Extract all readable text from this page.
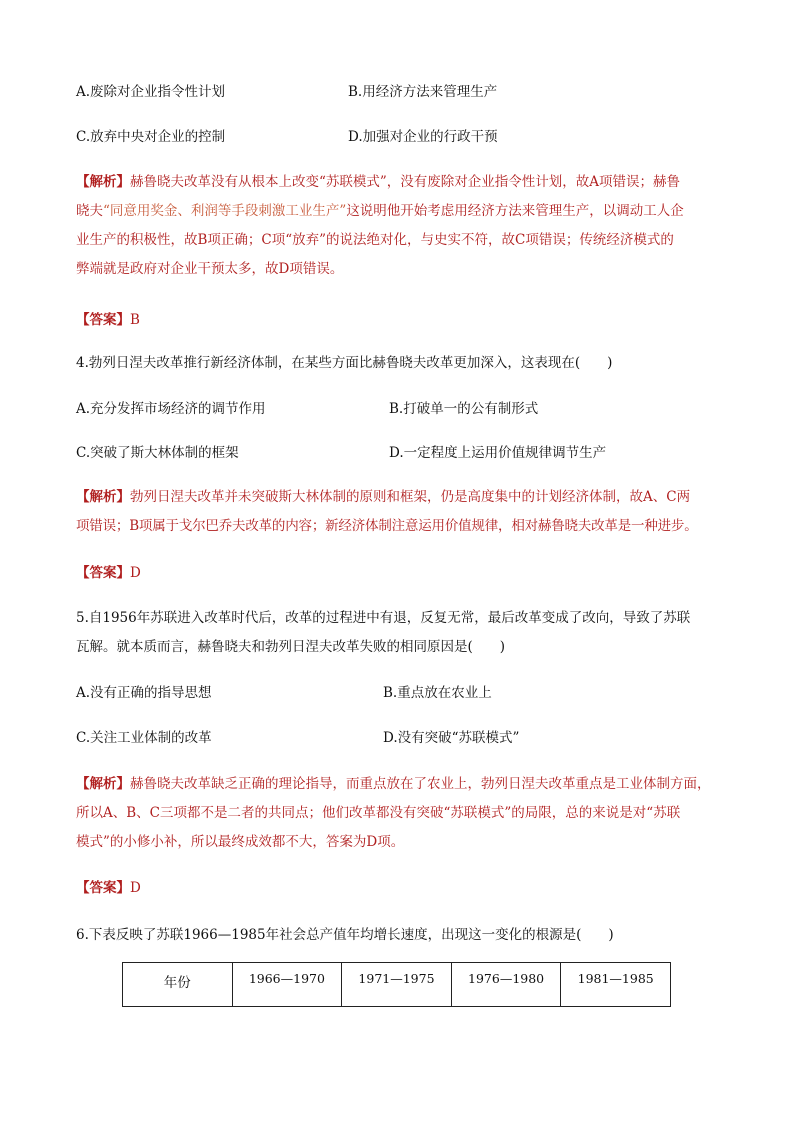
A.废除对企业指令性计划	B.用经济方法来管理生产
C.放弃中央对企业的控制	D.加强对企业的行政干预
【解析】赫鲁晓夫改革没有从根本上改变“苏联模式”，没有废除对企业指令性计划，故A项错误；赫鲁
晓夫“同意用奖金、利润等手段刺激工业生产”这说明他开始考虑用经济方法来管理生产，以调动工人企
业生产的积极性，故B项正确；C项“放弃”的说法绝对化，与史实不符，故C项错误；传统经济模式的
弊端就是政府对企业干预太多，故D项错误。
【答案】B
4.勃列日涅夫改革推行新经济体制，在某些方面比赫鲁晓夫改革更加深入，这表现在(　　)
A.充分发挥市场经济的调节作用	B.打破单一的公有制形式
C.突破了斯大林体制的框架	D.一定程度上运用价值规律调节生产
【解析】勃列日涅夫改革并未突破斯大林体制的原则和框架，仍是高度集中的计划经济体制，故A、C两
项错误；B项属于戈尔巴乔夫改革的内容；新经济体制注意运用价值规律，相对赫鲁晓夫改革是一种进步。
【答案】D
5.自1956年苏联进入改革时代后，改革的过程进中有退，反复无常，最后改革变成了改向，导致了苏联
瓦解。就本质而言，赫鲁晓夫和勃列日涅夫改革失败的相同原因是(　　)
A.没有正确的指导思想	B.重点放在农业上
C.关注工业体制的改革	D.没有突破“苏联模式”
【解析】赫鲁晓夫改革缺乏正确的理论指导，而重点放在了农业上，勃列日涅夫改革重点是工业体制方面，
所以A、B、C三项都不是二者的共同点；他们改革都没有突破“苏联模式”的局限，总的来说是对“苏联
模式”的小修小补，所以最终成效都不大，答案为D项。
【答案】D
6.下表反映了苏联1966—1985年社会总产值年均增长速度，出现这一变化的根源是(　　)
年份	1966—1970	1971—1975	1976—1980	1981—1985
